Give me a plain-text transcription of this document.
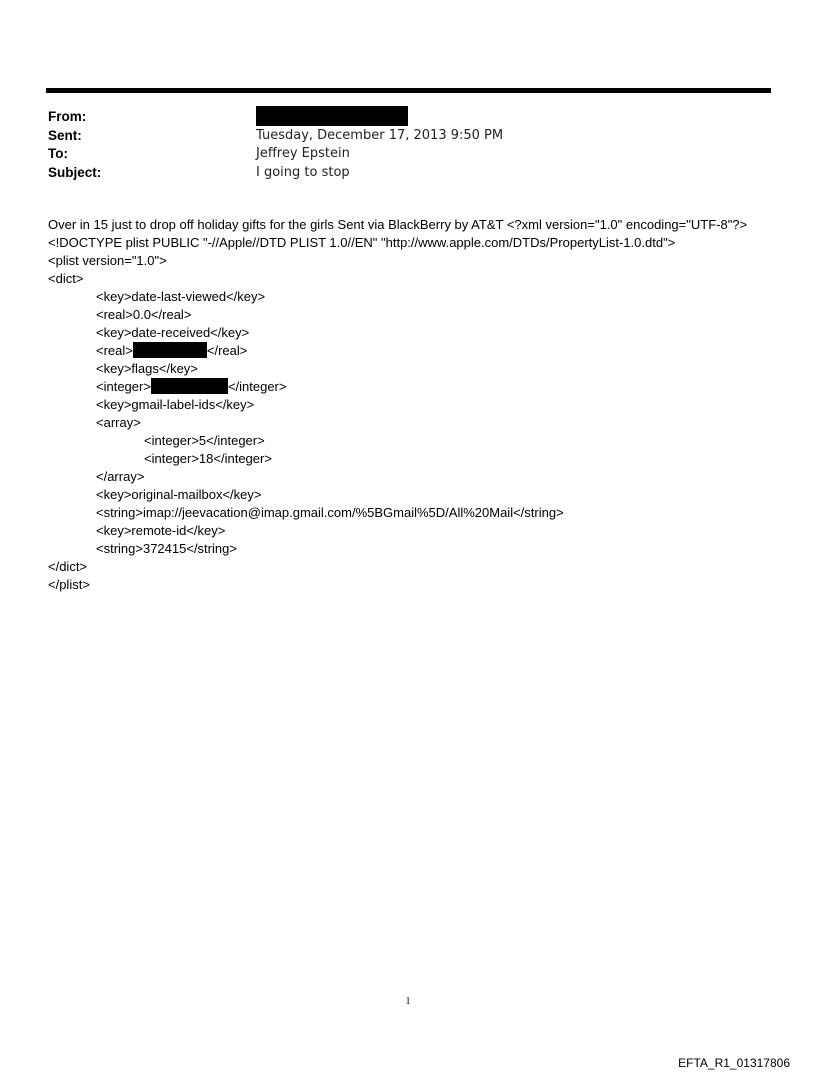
From:
Sent:	Tuesday, December 17, 2013 9:50 PM
To:	Jeffrey Epstein
Subject:	I going to stop

Over in 15 just to drop off holiday gifts for the girls Sent via BlackBerry by AT&T <?xml version="1.0" encoding="UTF-8"?> <!DOCTYPE plist PUBLIC "-//Apple//DTD PLIST 1.0//EN" "http://www.apple.com/DTDs/PropertyList-1.0.dtd">

<plist version="1.0">
<dict>
<key>date-last-viewed</key>
<real>0.0</real>
<key>date-received</key>
<real>	</real>
<key>flags</key>
<integer>	</integer>
<key>gmail-label-ids</key>
<array>
<integer>5</integer>
<integer>18</integer>
</array>
<key>original-mailbox</key>
<string>imap://jeevacation@imap.gmail.com/%5BGmail%5D/All%20Mail</string>
<key>remote-id</key>
<string>372415</string>
</dict>
</plist>
1
EFTA_R1_01317806
